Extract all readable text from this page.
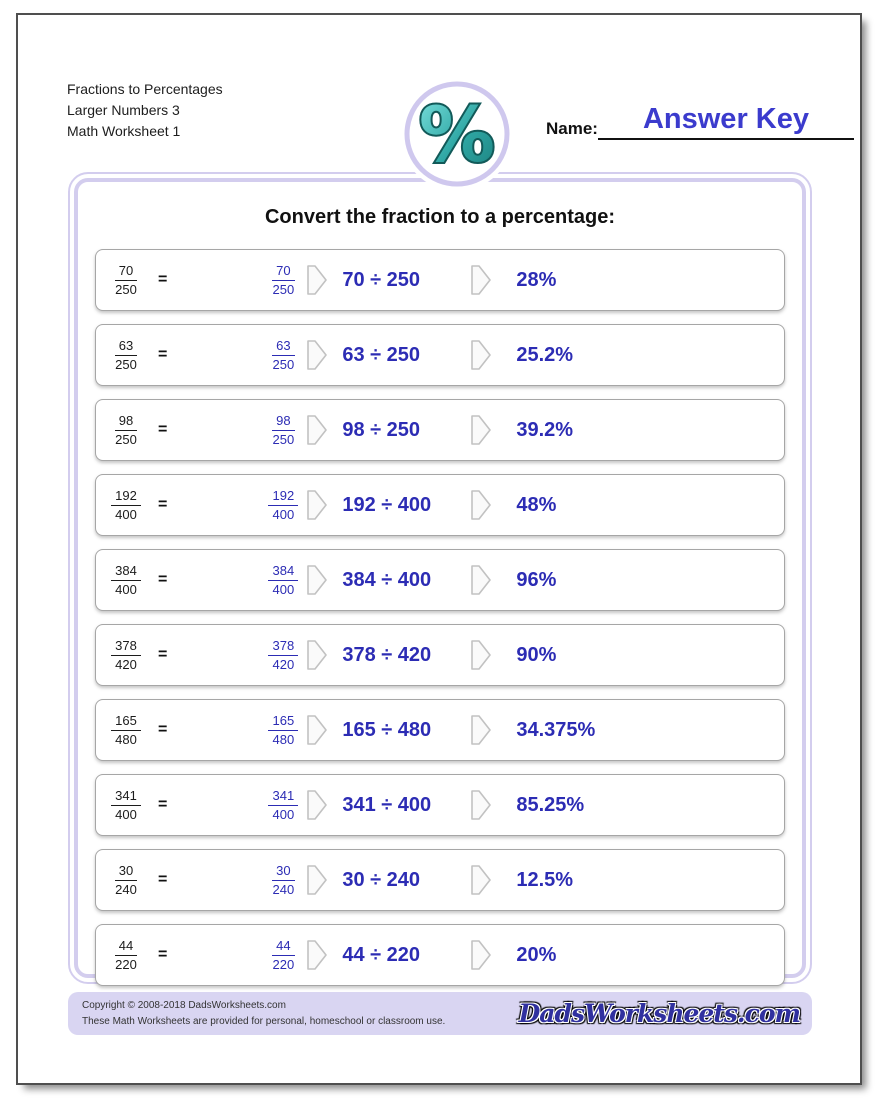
Fractions to Percentages
Larger Numbers 3
Math Worksheet 1	%	Name:	Answer Key
Convert the fraction to a percentage:
$\frac{70}{250}$ =	$\frac{70}{250} 70 \div 250$	28%
$\frac{63}{250}$ =	$\frac{63}{250} 63 \div 250$	25.2%
$\frac{98}{250}$ =	$\frac{98}{250} 98 \div 250$	39.2%
$\frac{192}{400}$ =	$\frac{192}{400} 192 \div 400$	48%
$\frac{384}{400}$ =	$\frac{384}{400} 384 \div 400$	96%
$\frac{378}{420}$ =	$\frac{378}{420} 378 \div 420$	90%
$\frac{165}{480}$ =	$\frac{165}{480} 165 \div 480$	34.375%
$\frac{341}{400}$ =	$\frac{341}{400} 341 \div 400$	85.25%
$\frac{30}{240}$ =	$\frac{30}{240} 30 \div 240$	12.5%
$\frac{44}{220}$ =	$\frac{44}{220} 44 \div 220$	20%
Copyright © 2008-2018 DadsWorksheets.com
These Math Worksheets are provided for personal, homeschool or classroom use.	DadsWorksheets.com
